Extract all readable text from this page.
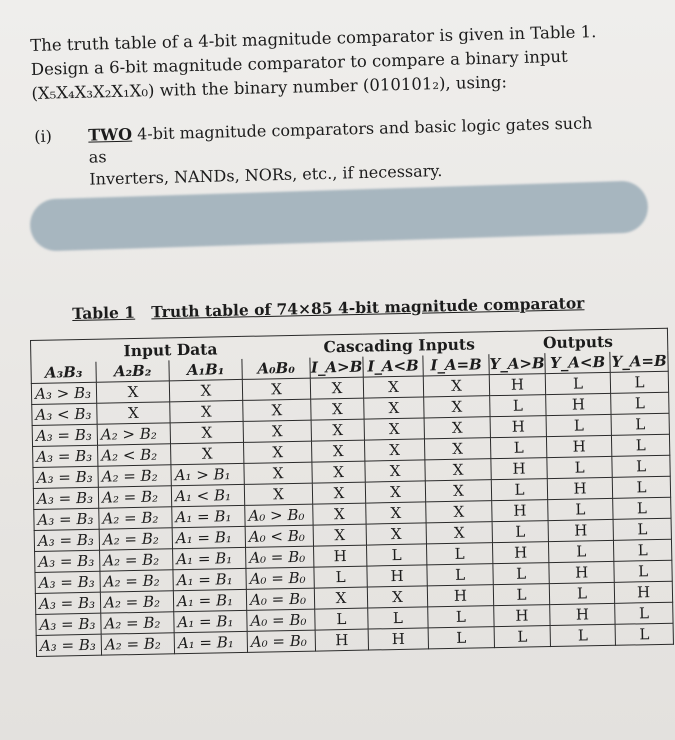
The truth table of a 4-bit magnitude comparator is given in Table 1.
Design a 6-bit magnitude comparator to compare a binary input
(X₅X₄X₃X₂X₁X₀) with the binary number (010101₂), using:
(i) TWO 4-bit magnitude comparators and basic logic gates such as
Inverters, NANDs, NORs, etc., if necessary.
Table 1 Truth table of 74×85 4-bit magnitude comparator
Input Data				Cascading Inputs			Outputs		
A₃B₃	A₂B₂	A₁B₁	A₀B₀	I_A>B	I_A<B	I_A=B	Y_A>B	Y_A<B	Y_A=B
A₃ > B₃	X	X	X	X	X	X	H	L	L
A₃ < B₃	X	X	X	X	X	X	L	H	L
A₃ = B₃	A₂ > B₂	X	X	X	X	X	H	L	L
A₃ = B₃	A₂ < B₂	X	X	X	X	X	L	H	L
A₃ = B₃	A₂ = B₂	A₁ > B₁	X	X	X	X	H	L	L
A₃ = B₃	A₂ = B₂	A₁ < B₁	X	X	X	X	L	H	L
A₃ = B₃	A₂ = B₂	A₁ = B₁	A₀ > B₀	X	X	X	H	L	L
A₃ = B₃	A₂ = B₂	A₁ = B₁	A₀ < B₀	X	X	X	L	H	L
A₃ = B₃	A₂ = B₂	A₁ = B₁	A₀ = B₀	H	L	L	H	L	L
A₃ = B₃	A₂ = B₂	A₁ = B₁	A₀ = B₀	L	H	L	L	H	L
A₃ = B₃	A₂ = B₂	A₁ = B₁	A₀ = B₀	X	X	H	L	L	H
A₃ = B₃	A₂ = B₂	A₁ = B₁	A₀ = B₀	L	L	L	H	H	L
A₃ = B₃	A₂ = B₂	A₁ = B₁	A₀ = B₀	H	H	L	L	L	L
